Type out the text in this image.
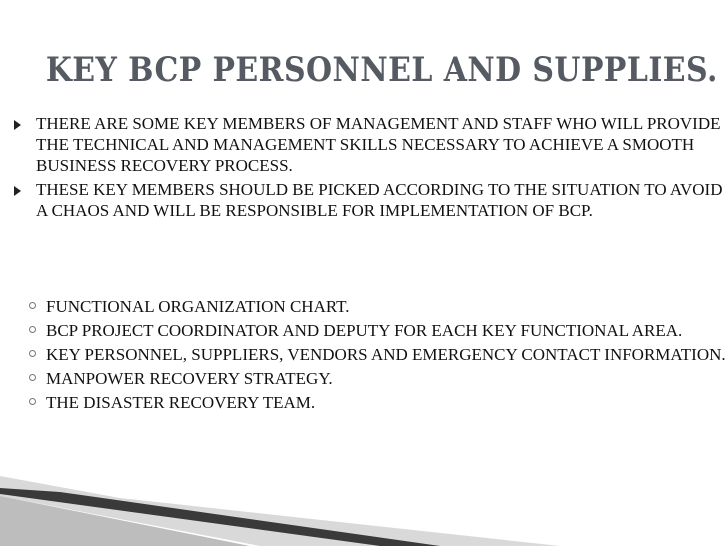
KEY BCP PERSONNEL AND SUPPLIES.
THERE ARE SOME KEY MEMBERS OF MANAGEMENT AND STAFF WHO WILL PROVIDE THE TECHNICAL AND MANAGEMENT SKILLS NECESSARY TO ACHIEVE A SMOOTH BUSINESS RECOVERY PROCESS.
THESE KEY MEMBERS SHOULD BE PICKED ACCORDING TO THE SITUATION TO AVOID A CHAOS AND WILL BE RESPONSIBLE FOR IMPLEMENTATION OF BCP.
FUNCTIONAL ORGANIZATION CHART.
BCP PROJECT COORDINATOR AND DEPUTY FOR EACH KEY FUNCTIONAL AREA.
KEY PERSONNEL, SUPPLIERS, VENDORS AND EMERGENCY CONTACT INFORMATION.
MANPOWER RECOVERY STRATEGY.
THE DISASTER RECOVERY TEAM.
